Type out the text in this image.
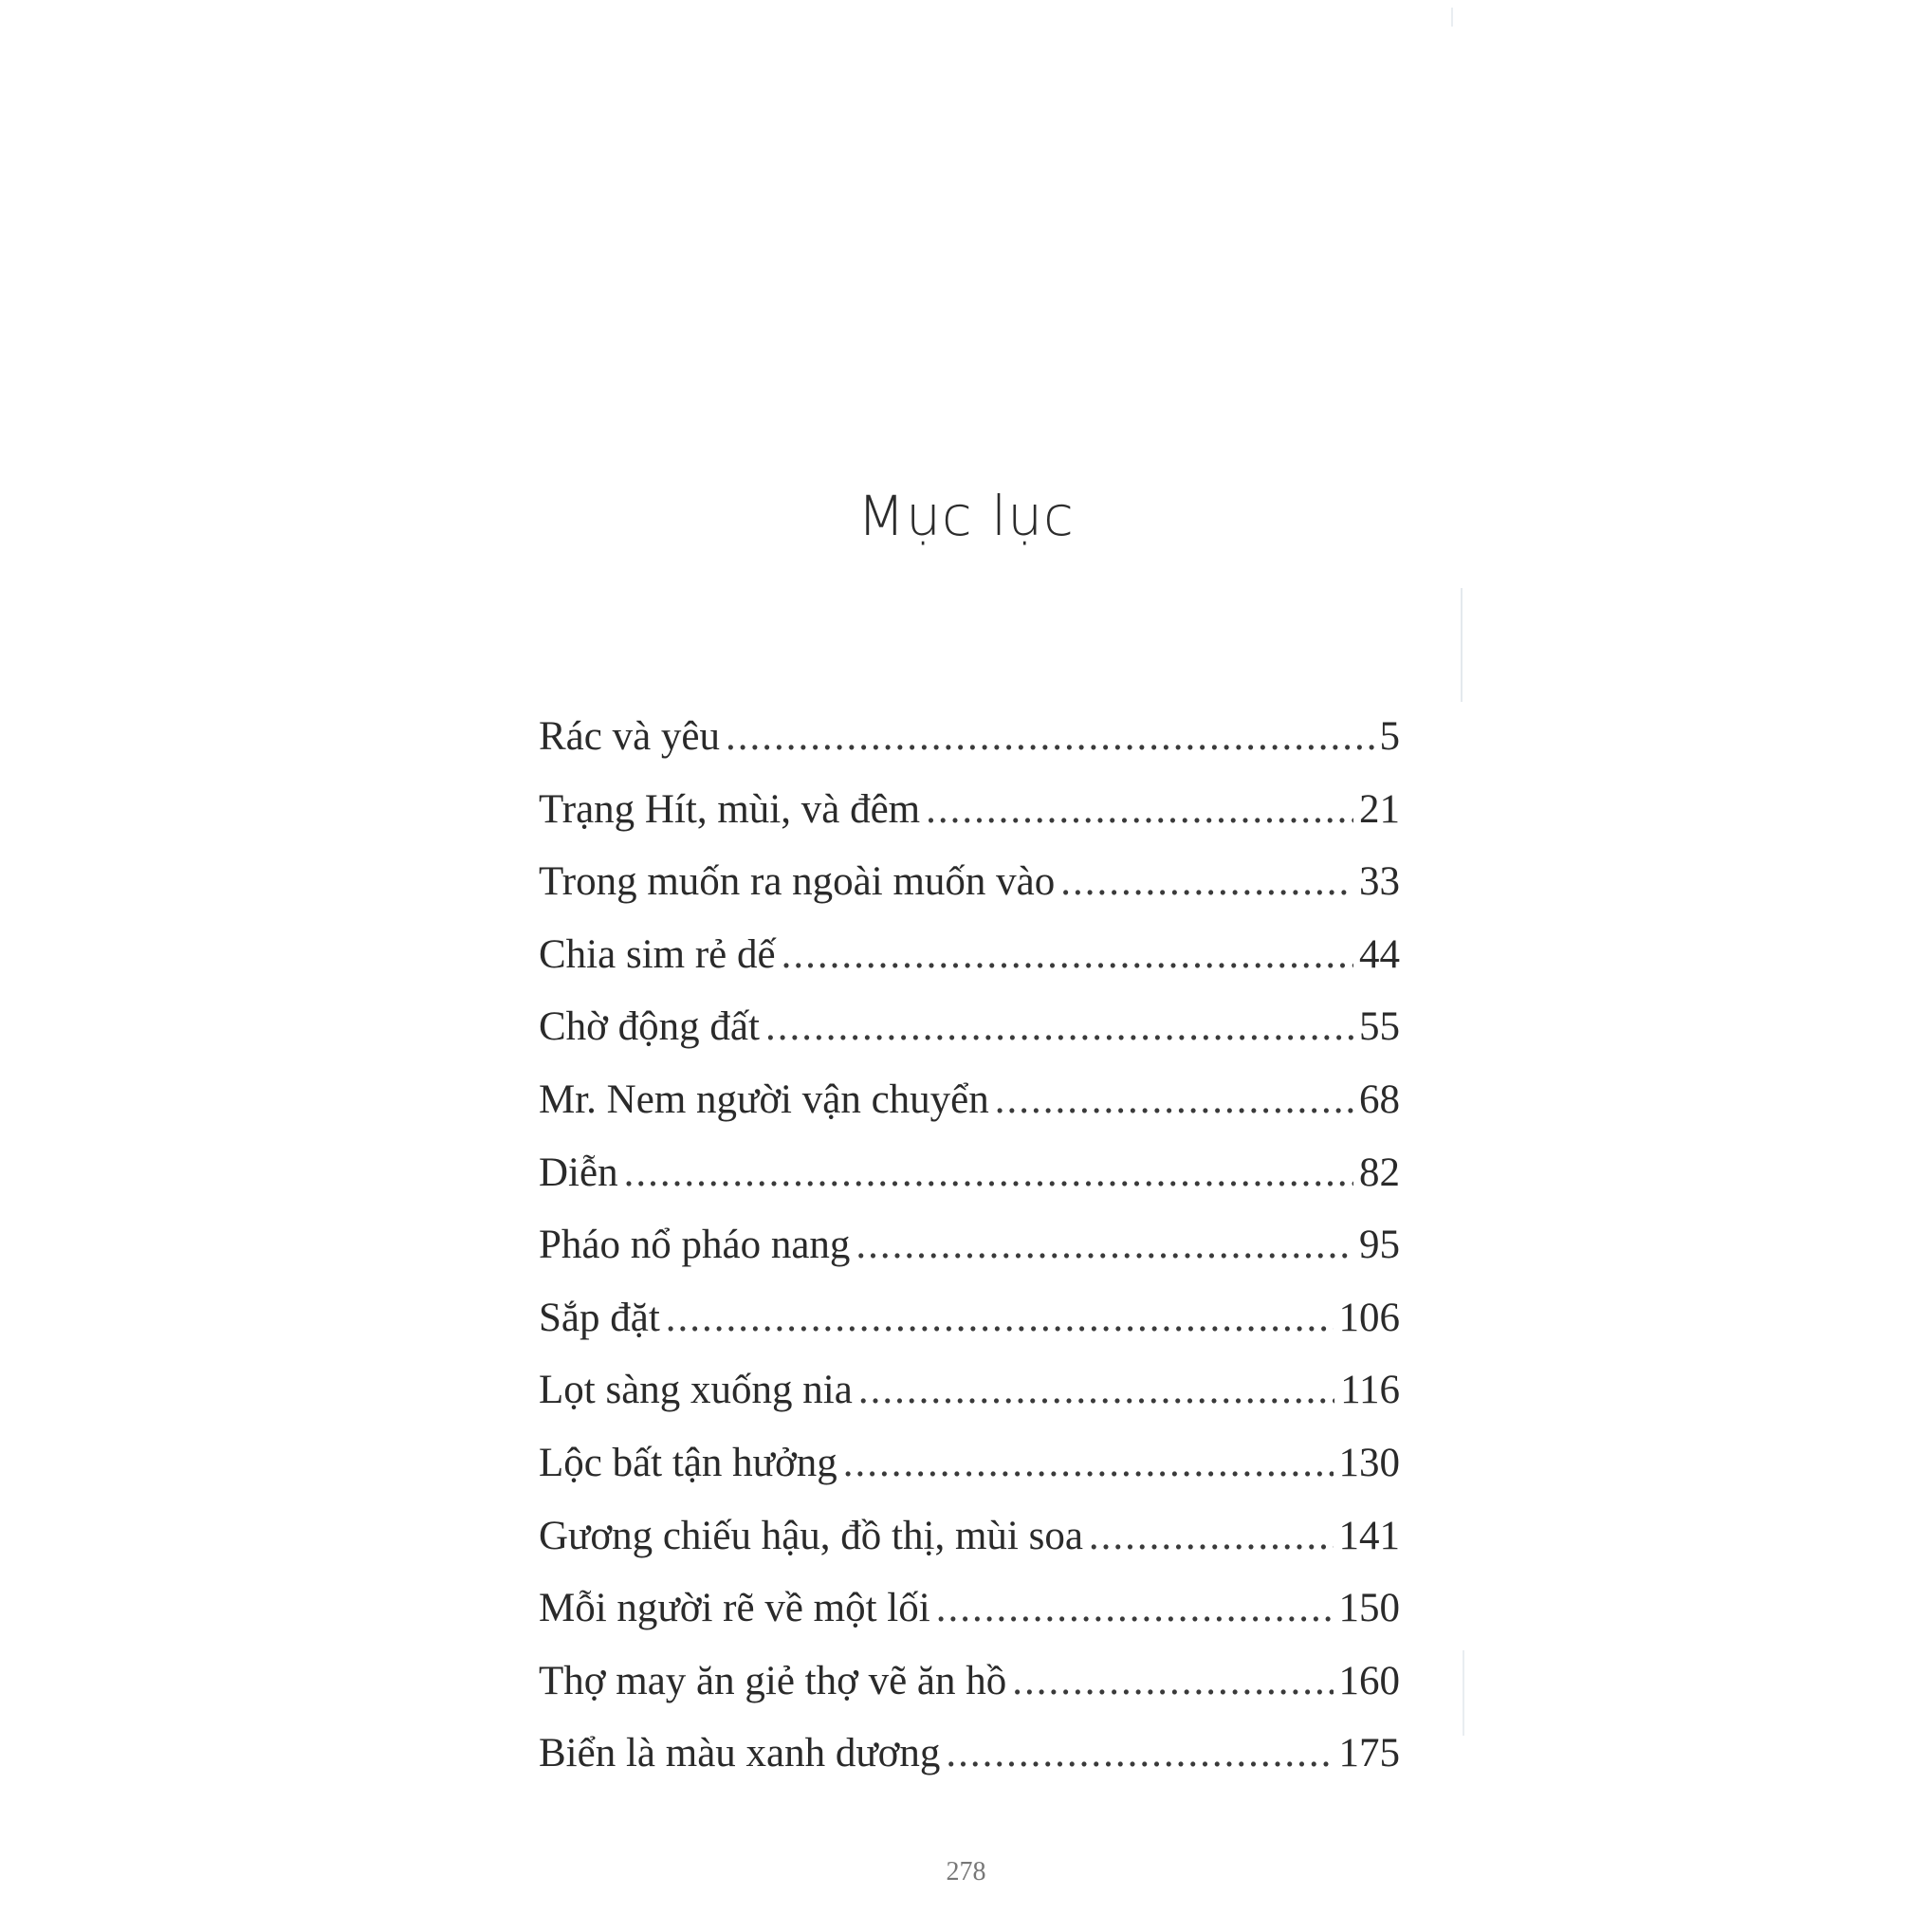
Mục lục
Rác và yêu .....	5
Trạng Hít, mùi, và đêm .....	21
Trong muốn ra ngoài muốn vào .....	33
Chia sim rẻ dế .....	44
Chờ động đất .....	55
Mr. Nem người vận chuyển .....	68
Diễn .....	82
Pháo nổ pháo nang .....	95
Sắp đặt .....	106
Lọt sàng xuống nia .....	116
Lộc bất tận hưởng .....	130
Gương chiếu hậu, đồ thị, mùi soa .....	141
Mỗi người rẽ về một lối .....	150
Thợ may ăn giẻ thợ vẽ ăn hồ .....	160
Biển là màu xanh dương .....	175
278
